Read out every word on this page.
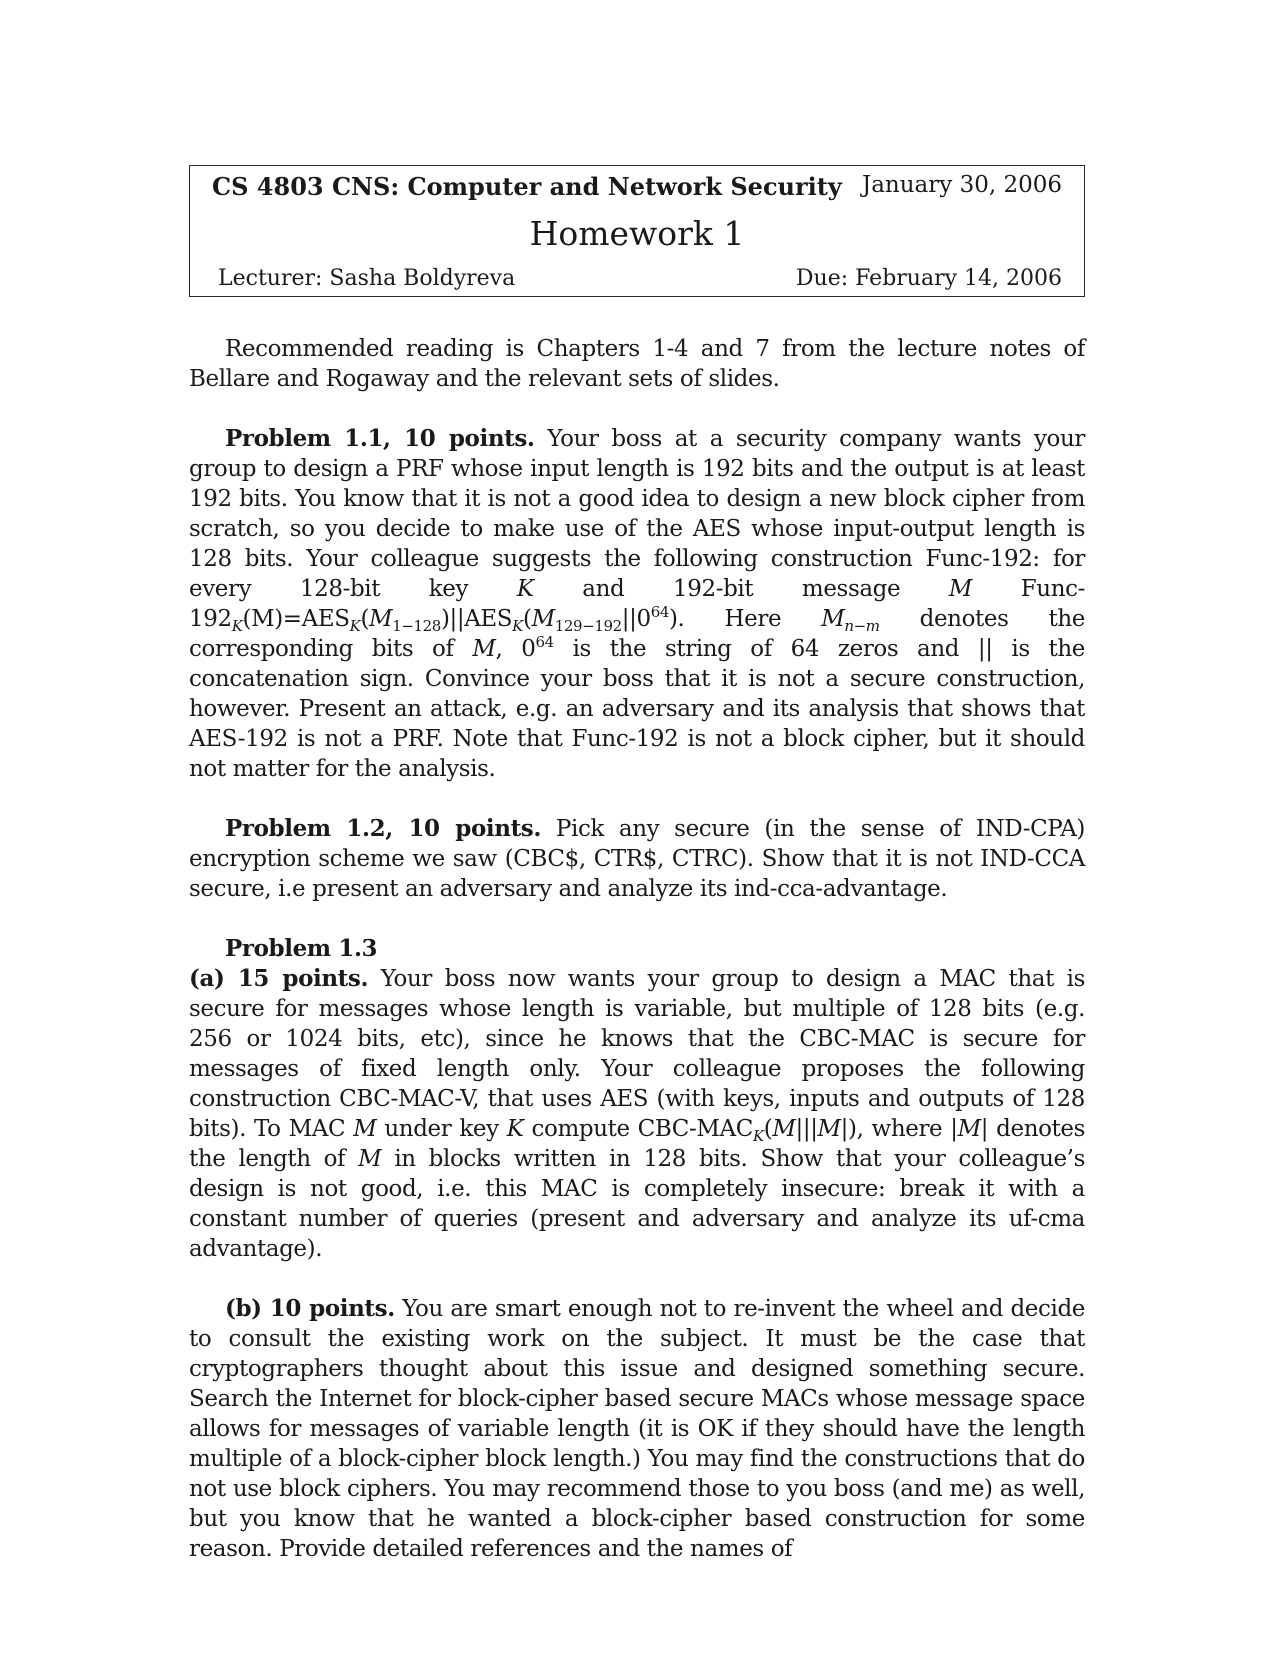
CS 4803 CNS: Computer and Network Security January 30, 2006
Homework 1
Lecturer: Sasha Boldyreva	Due: February 14, 2006

Recommended reading is Chapters 1-4 and 7 from the lecture notes of Bellare and Rogaway and the relevant sets of slides.

Problem 1.1, 10 points. Your boss at a security company wants your group to design a PRF whose input length is 192 bits and the output is at least 192 bits. You know that it is not a good idea to design a new block cipher from scratch, so you decide to make use of the AES whose input-output length is 128 bits. Your colleague suggests the following construction Func-192: for every 128-bit key K and 192-bit message M Func-$192_K(M)=AES_K(M_{1-128})||AES_K(M_{129-192}||0^{64})$. Here $M_{n-m}$ denotes the corresponding bits of M, $0^{64}$ is the string of 64 zeros and || is the concatenation sign. Convince your boss that it is not a secure construction, however. Present an attack, e.g. an adversary and its analysis that shows that AES-192 is not a PRF. Note that Func-192 is not a block cipher, but it should not matter for the analysis.

Problem 1.2, 10 points. Pick any secure (in the sense of IND-CPA) encryption scheme we saw (CBC$, CTR$, CTRC). Show that it is not IND-CCA secure, i.e present an adversary and analyze its ind-cca-advantage.

Problem 1.3

(a) 15 points. Your boss now wants your group to design a MAC that is secure for messages whose length is variable, but multiple of 128 bits (e.g. 256 or 1024 bits, etc), since he knows that the CBC-MAC is secure for messages of fixed length only. Your colleague proposes the following construction CBC-MAC-V, that uses AES (with keys, inputs and outputs of 128 bits). To MAC M under key K compute CBC-$MAC_K(M|||M|)$, where |M| denotes the length of M in blocks written in 128 bits. Show that your colleague’s design is not good, i.e. this MAC is completely insecure: break it with a constant number of queries (present and adversary and analyze its uf-cma advantage).

(b) 10 points. You are smart enough not to re-invent the wheel and decide to consult the existing work on the subject. It must be the case that cryptographers thought about this issue and designed something secure. Search the Internet for block-cipher based secure MACs whose message space allows for messages of variable length (it is OK if they should have the length multiple of a block-cipher block length.) You may find the constructions that do not use block ciphers. You may recommend those to you boss (and me) as well, but you know that he wanted a block-cipher based construction for some reason. Provide detailed references and the names of
